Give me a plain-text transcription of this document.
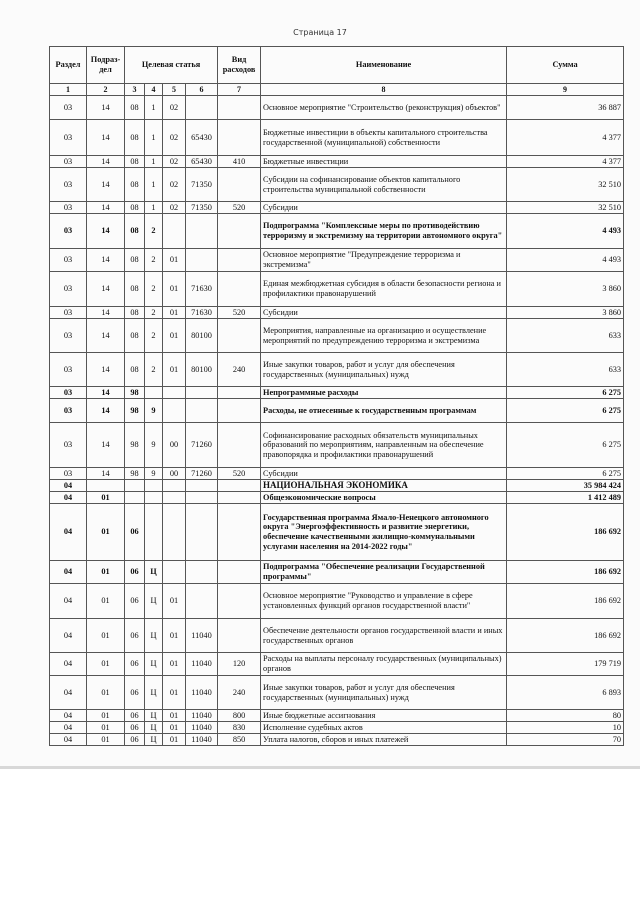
Страница 17
Раздел	Подраз-дел	Целевая статья				Вид расходов	Наименование	Сумма
1	2	3	4	5	6	7	8	9
03	14	08	1	02			Основное мероприятие "Строительство (реконструкция) объектов"	36 887
03	14	08	1	02	65430		Бюджетные инвестиции в объекты капитального строительства государственной (муниципальной) собственности	4 377
03	14	08	1	02	65430	410	Бюджетные инвестиции	4 377
03	14	08	1	02	71350		Субсидии на софинансирование объектов капитального строительства муниципальной собственности	32 510
03	14	08	1	02	71350	520	Субсидии	32 510
03	14	08	2				Подпрограмма "Комплексные меры по противодействию терроризму и экстремизму на территории автономного округа"	4 493
03	14	08	2	01			Основное мероприятие "Предупреждение терроризма и экстремизма"	4 493
03	14	08	2	01	71630		Единая межбюджетная субсидия в области безопасности региона и профилактики правонарушений	3 860
03	14	08	2	01	71630	520	Субсидии	3 860
03	14	08	2	01	80100		Мероприятия, направленные на организацию и осуществление мероприятий по предупреждению терроризма и экстремизма	633
03	14	08	2	01	80100	240	Иные закупки товаров, работ и услуг для обеспечения государственных (муниципальных) нужд	633
03	14	98					Непрограммные расходы	6 275
03	14	98	9				Расходы, не отнесенные к государственным программам	6 275
03	14	98	9	00	71260		Софинансирование расходных обязательств муниципальных образований по мероприятиям, направленным на обеспечение правопорядка и профилактики правонарушений	6 275
03	14	98	9	00	71260	520	Субсидии	6 275
04							НАЦИОНАЛЬНАЯ ЭКОНОМИКА	35 984 424
04	01						Общеэкономические вопросы	1 412 489
04	01	06					Государственная программа Ямало-Ненецкого автономного округа "Энергоэффективность и развитие энергетики, обеспечение качественными жилищно-коммунальными услугами населения на 2014-2022 годы"	186 692
04	01	06	Ц				Подпрограмма "Обеспечение реализации Государственной программы"	186 692
04	01	06	Ц	01			Основное мероприятие "Руководство и управление в сфере установленных функций органов государственной власти"	186 692
04	01	06	Ц	01	11040		Обеспечение деятельности органов государственной власти и иных государственных органов	186 692
04	01	06	Ц	01	11040	120	Расходы на выплаты персоналу государственных (муниципальных) органов	179 719
04	01	06	Ц	01	11040	240	Иные закупки товаров, работ и услуг для обеспечения государственных (муниципальных) нужд	6 893
04	01	06	Ц	01	11040	800	Иные бюджетные ассигнования	80
04	01	06	Ц	01	11040	830	Исполнение судебных актов	10
04	01	06	Ц	01	11040	850	Уплата налогов, сборов и иных платежей	70
